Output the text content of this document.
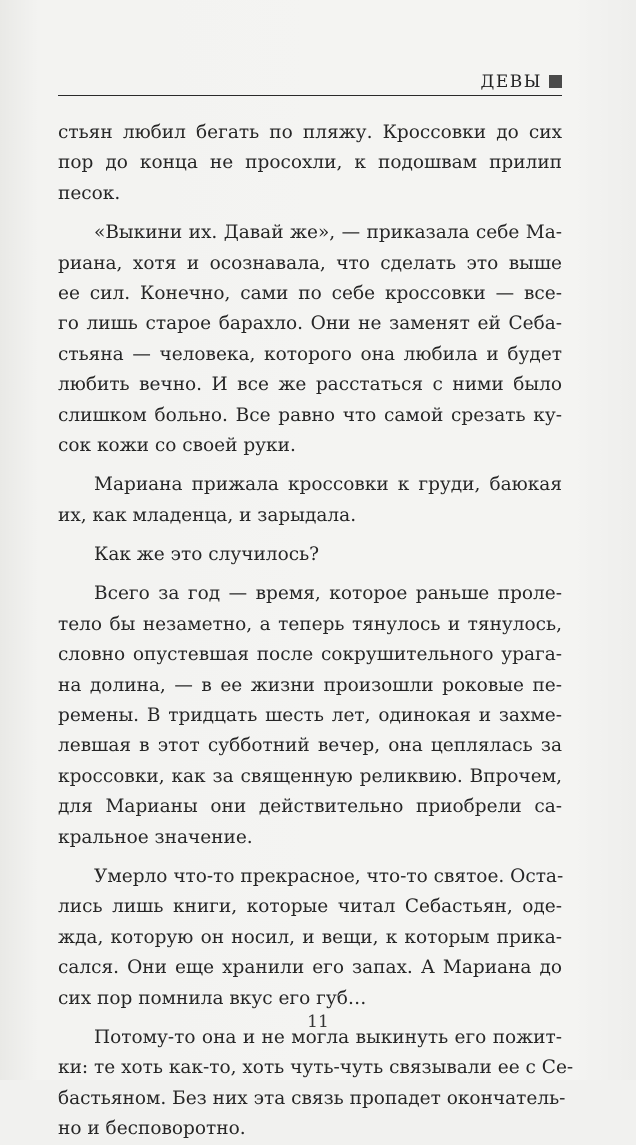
ДЕВЫ
стьян любил бегать по пляжу. Кроссовки до сих
пор до конца не просохли, к подошвам прилип
песок.
«Выкини их. Давай же», — приказала себе Ма-
риана, хотя и осознавала, что сделать это выше
ее сил. Конечно, сами по себе кроссовки — все-
го лишь старое барахло. Они не заменят ей Себа-
стьяна — человека, которого она любила и будет
любить вечно. И все же расстаться с ними было
слишком больно. Все равно что самой срезать ку-
сок кожи со своей руки.
Мариана прижала кроссовки к груди, баюкая
их, как младенца, и зарыдала.
Как же это случилось?
Всего за год — время, которое раньше проле-
тело бы незаметно, а теперь тянулось и тянулось,
словно опустевшая после сокрушительного урага-
на долина, — в ее жизни произошли роковые пе-
ремены. В тридцать шесть лет, одинокая и захме-
левшая в этот субботний вечер, она цеплялась за
кроссовки, как за священную реликвию. Впрочем,
для Марианы они действительно приобрели са-
кральное значение.
Умерло что-то прекрасное, что-то святое. Оста-
лись лишь книги, которые читал Себастьян, оде-
жда, которую он носил, и вещи, к которым прика-
сался. Они еще хранили его запах. А Мариана до
сих пор помнила вкус его губ…
Потому-то она и не могла выкинуть его пожит-
ки: те хоть как-то, хоть чуть-чуть связывали ее с Се-
бастьяном. Без них эта связь пропадет окончатель-
но и бесповоротно.
11
